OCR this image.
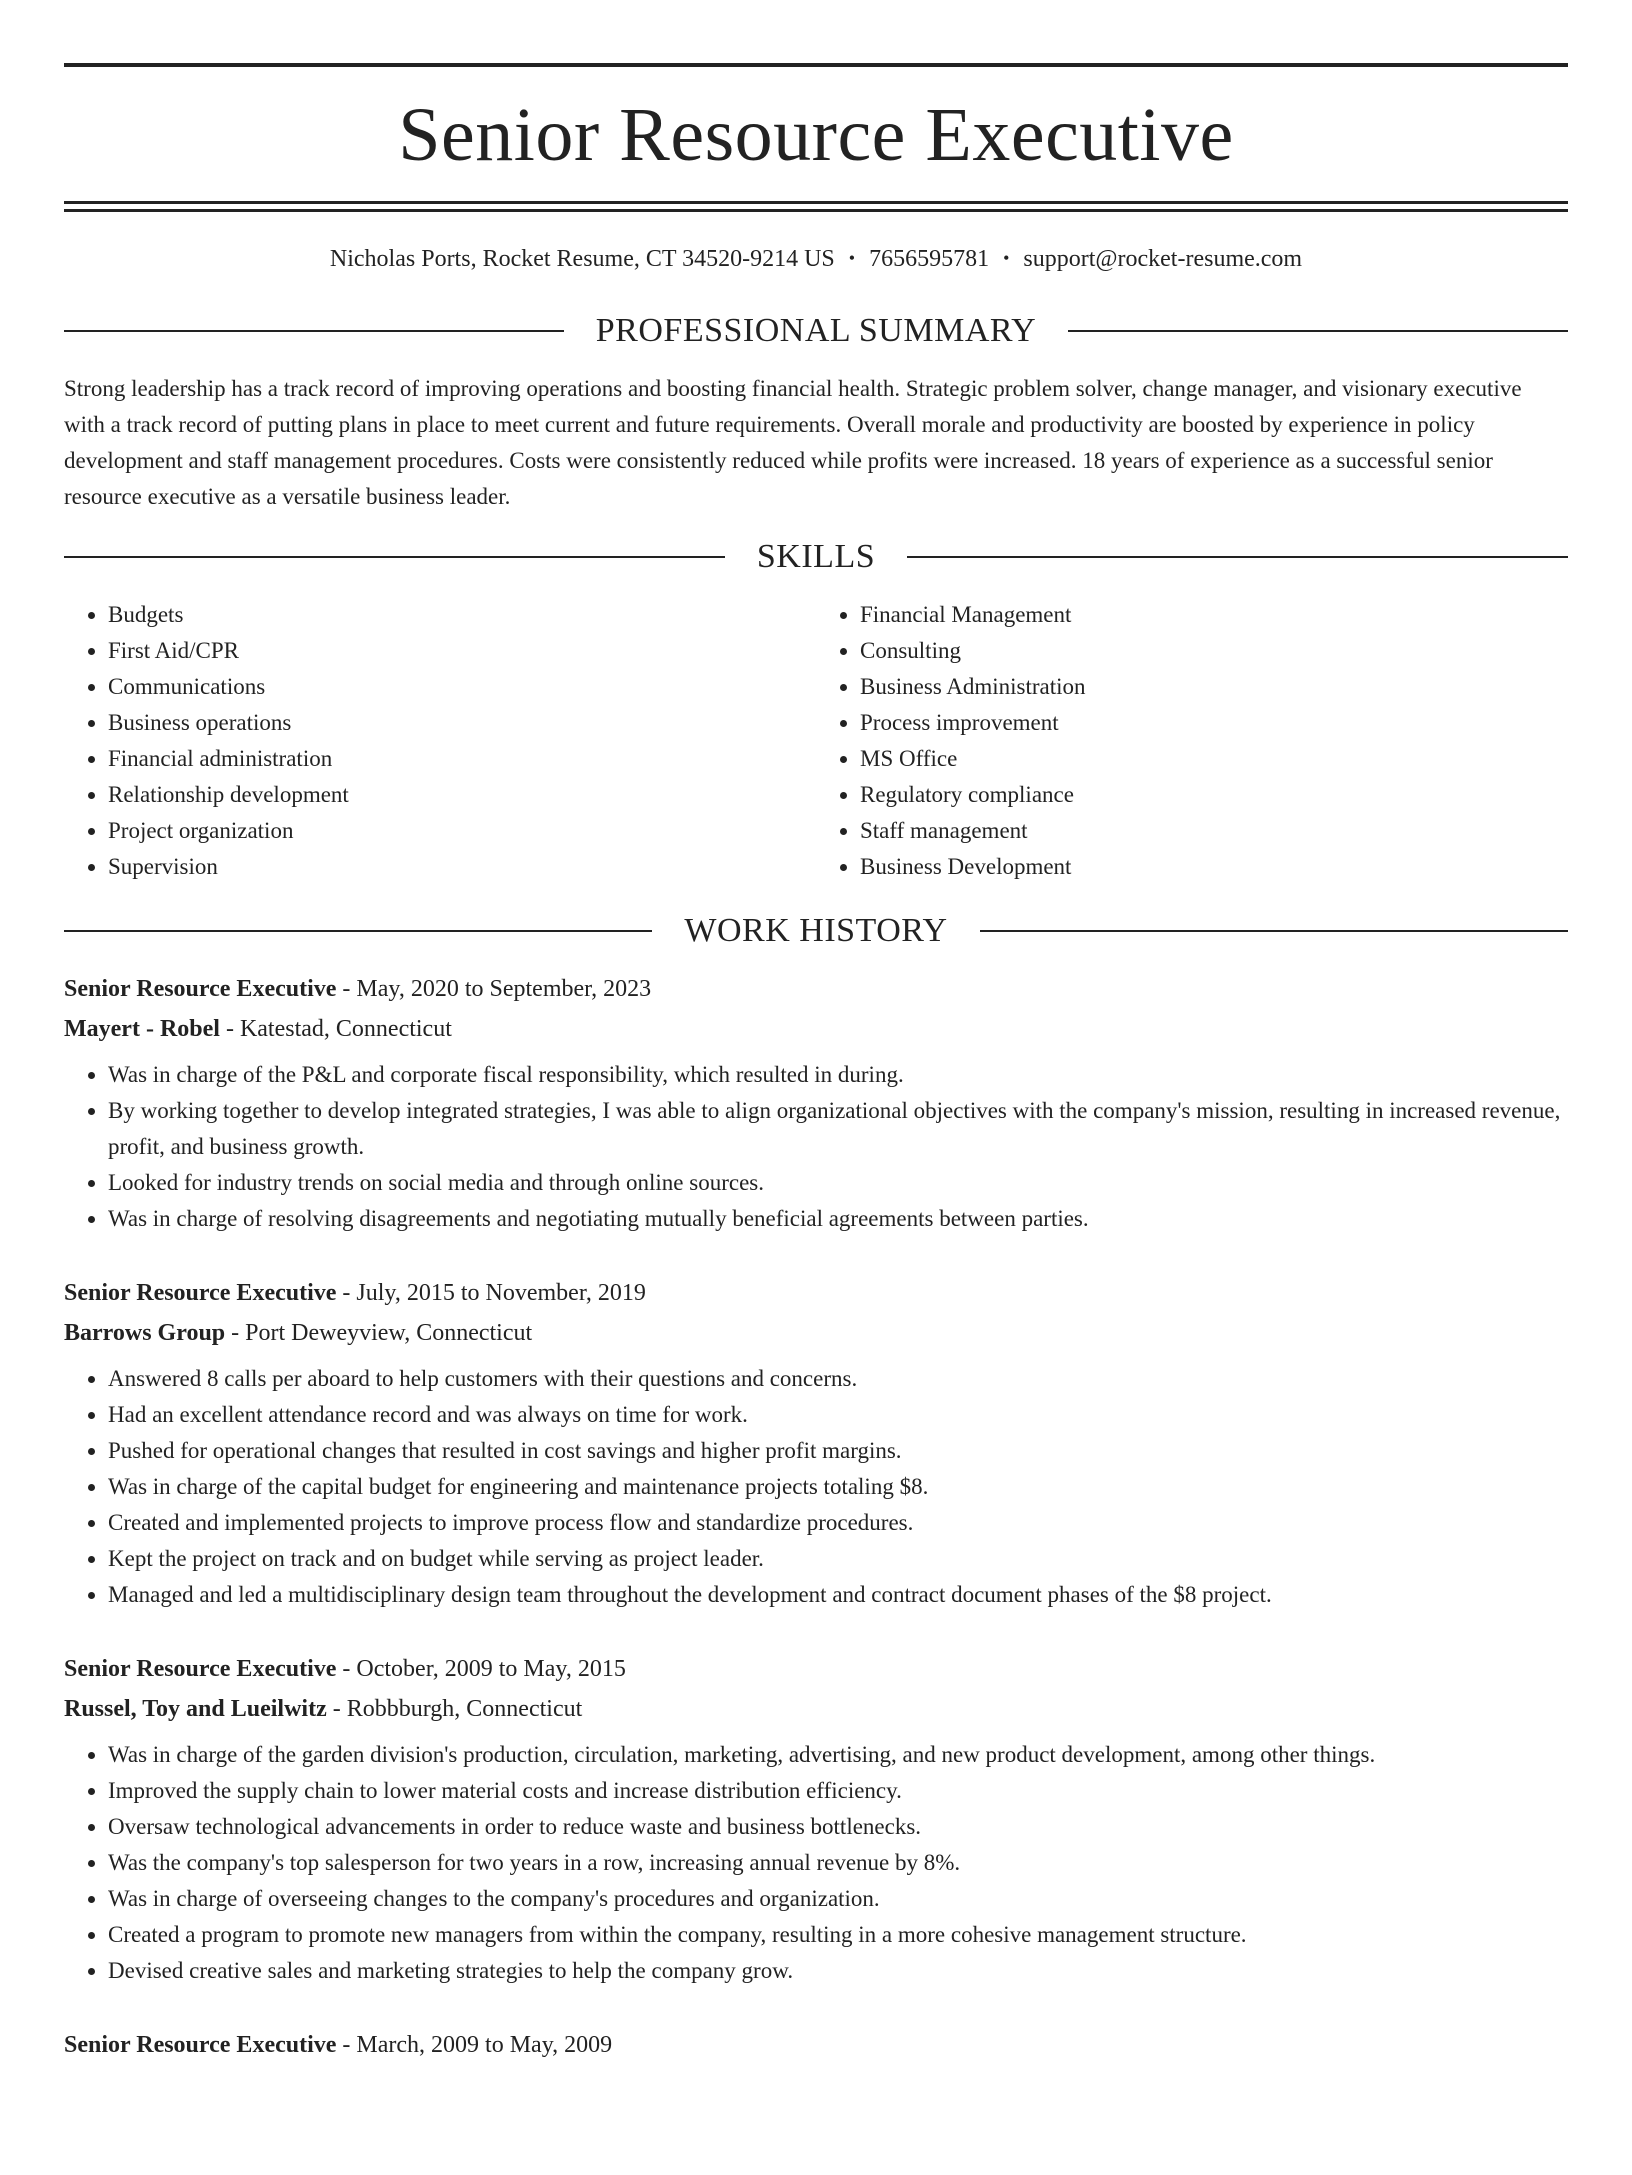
Senior Resource Executive
Nicholas Ports, Rocket Resume, CT 34520-9214 US • 7656595781 • support@rocket-resume.com
PROFESSIONAL SUMMARY
Strong leadership has a track record of improving operations and boosting financial health. Strategic problem solver, change manager, and visionary executive with a track record of putting plans in place to meet current and future requirements. Overall morale and productivity are boosted by experience in policy development and staff management procedures. Costs were consistently reduced while profits were increased. 18 years of experience as a successful senior resource executive as a versatile business leader.
SKILLS
• Budgets
• First Aid/CPR
• Communications
• Business operations
• Financial administration
• Relationship development
• Project organization
• Supervision
• Financial Management
• Consulting
• Business Administration
• Process improvement
• MS Office
• Regulatory compliance
• Staff management
• Business Development
WORK HISTORY
Senior Resource Executive - May, 2020 to September, 2023
Mayert - Robel - Katestad, Connecticut
• Was in charge of the P&L and corporate fiscal responsibility, which resulted in during.
• By working together to develop integrated strategies, I was able to align organizational objectives with the company's mission, resulting in increased revenue, profit, and business growth.
• Looked for industry trends on social media and through online sources.
• Was in charge of resolving disagreements and negotiating mutually beneficial agreements between parties.
Senior Resource Executive - July, 2015 to November, 2019
Barrows Group - Port Deweyview, Connecticut
• Answered 8 calls per aboard to help customers with their questions and concerns.
• Had an excellent attendance record and was always on time for work.
• Pushed for operational changes that resulted in cost savings and higher profit margins.
• Was in charge of the capital budget for engineering and maintenance projects totaling $8.
• Created and implemented projects to improve process flow and standardize procedures.
• Kept the project on track and on budget while serving as project leader.
• Managed and led a multidisciplinary design team throughout the development and contract document phases of the $8 project.
Senior Resource Executive - October, 2009 to May, 2015
Russel, Toy and Lueilwitz - Robbburgh, Connecticut
• Was in charge of the garden division's production, circulation, marketing, advertising, and new product development, among other things.
• Improved the supply chain to lower material costs and increase distribution efficiency.
• Oversaw technological advancements in order to reduce waste and business bottlenecks.
• Was the company's top salesperson for two years in a row, increasing annual revenue by 8%.
• Was in charge of overseeing changes to the company's procedures and organization.
• Created a program to promote new managers from within the company, resulting in a more cohesive management structure.
• Devised creative sales and marketing strategies to help the company grow.
Senior Resource Executive - March, 2009 to May, 2009
